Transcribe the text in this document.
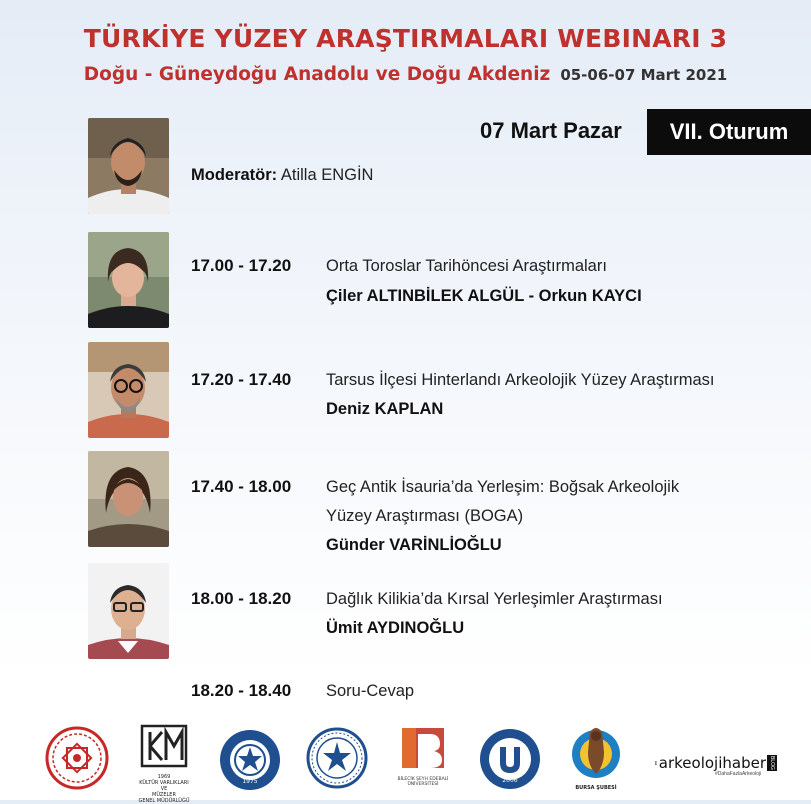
TÜRKİYE YÜZEY ARAŞTIRMALARI WEBINARI 3
Doğu - Güneydoğu Anadolu ve Doğu Akdeniz 05-06-07 Mart 2021
07 Mart Pazar VII. Oturum
Moderatör: Atilla ENGİN
17.00 - 17.20 Orta Toroslar Tarihöncesi Araştırmaları
Çiler ALTINBİLEK ALGÜL - Orkun KAYCI
17.20 - 17.40 Tarsus İlçesi Hinterlandı Arkeolojik Yüzey Araştırması
Deniz KAPLAN
17.40 - 18.00 Geç Antik İsauria’da Yerleşim: Boğsak Arkeolojik
Yüzey Araştırması (BOGA)
Günder VARİNLİOĞLU
18.00 - 18.20 Dağlık Kilikia’da Kırsal Yerleşimler Araştırması
Ümit AYDINOĞLU
18.20 - 18.40 Soru-Cevap
1969
KÜLTÜR VARLIKLARI
VE
MÜZELER
GENEL MÜDÜRLÜĞÜ
1975	BİLECİK ŞEYH EDEBALİ
ÜNİVERSİTESİ
2006
BURSA ŞUBESİ
arkeolojihaber BLOG
#DahaFazlaArkeoloji
